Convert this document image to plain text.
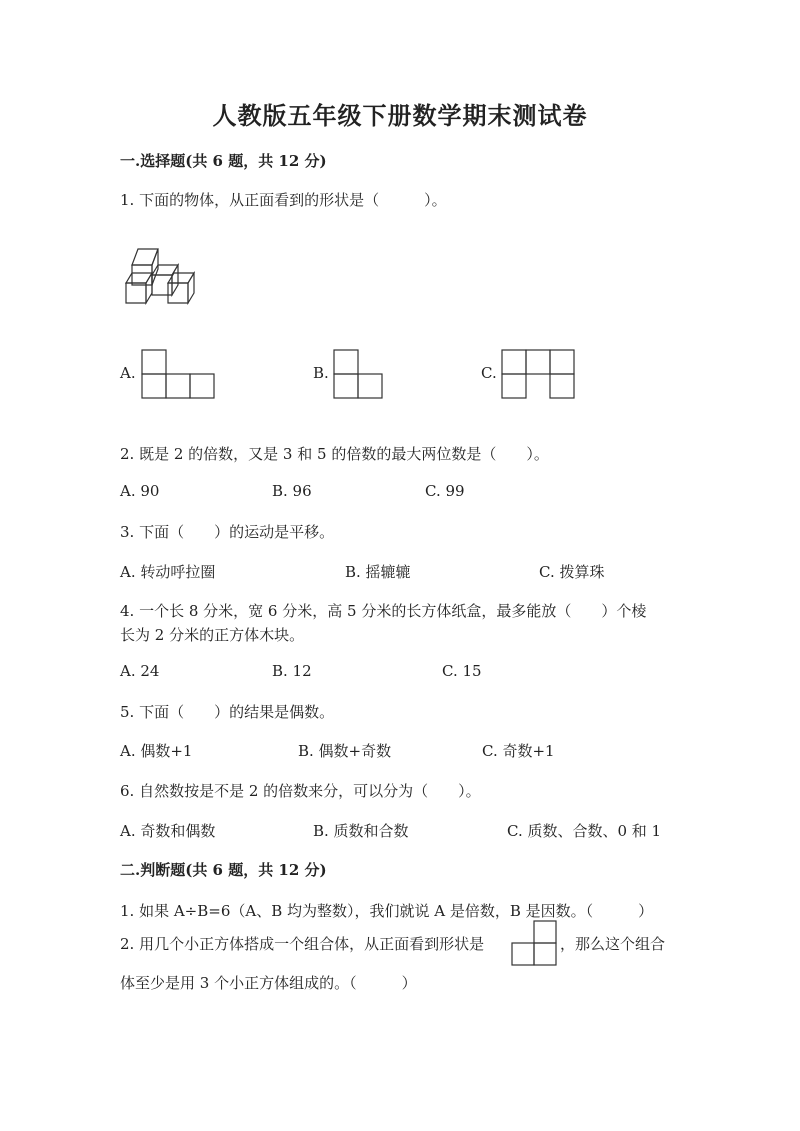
人教版五年级下册数学期末测试卷
一.选择题(共 6 题，共 12 分)
1. 下面的物体，从正面看到的形状是（　　　）。
A.	B.	C.
2. 既是 2 的倍数，又是 3 和 5 的倍数的最大两位数是（　　）。
A. 90	B. 96	C. 99
3. 下面（　　）的运动是平移。
A. 转动呼拉圈	B. 摇辘辘	C. 拨算珠
4. 一个长 8 分米，宽 6 分米，高 5 分米的长方体纸盒，最多能放（　　）个棱
长为 2 分米的正方体木块。
A. 24	B. 12	C. 15
5. 下面（　　）的结果是偶数。
A. 偶数+1	B. 偶数+奇数	C. 奇数+1
6. 自然数按是不是 2 的倍数来分，可以分为（　　）。
A. 奇数和偶数	B. 质数和合数	C. 质数、合数、0 和 1
二.判断题(共 6 题，共 12 分)
1. 如果 A÷B=6（A、B 均为整数），我们就说 A 是倍数，B 是因数。（　　　）
2. 用几个小正方体搭成一个组合体，从正面看到形状是	，那么这个组合
体至少是用 3 个小正方体组成的。（　　　）
